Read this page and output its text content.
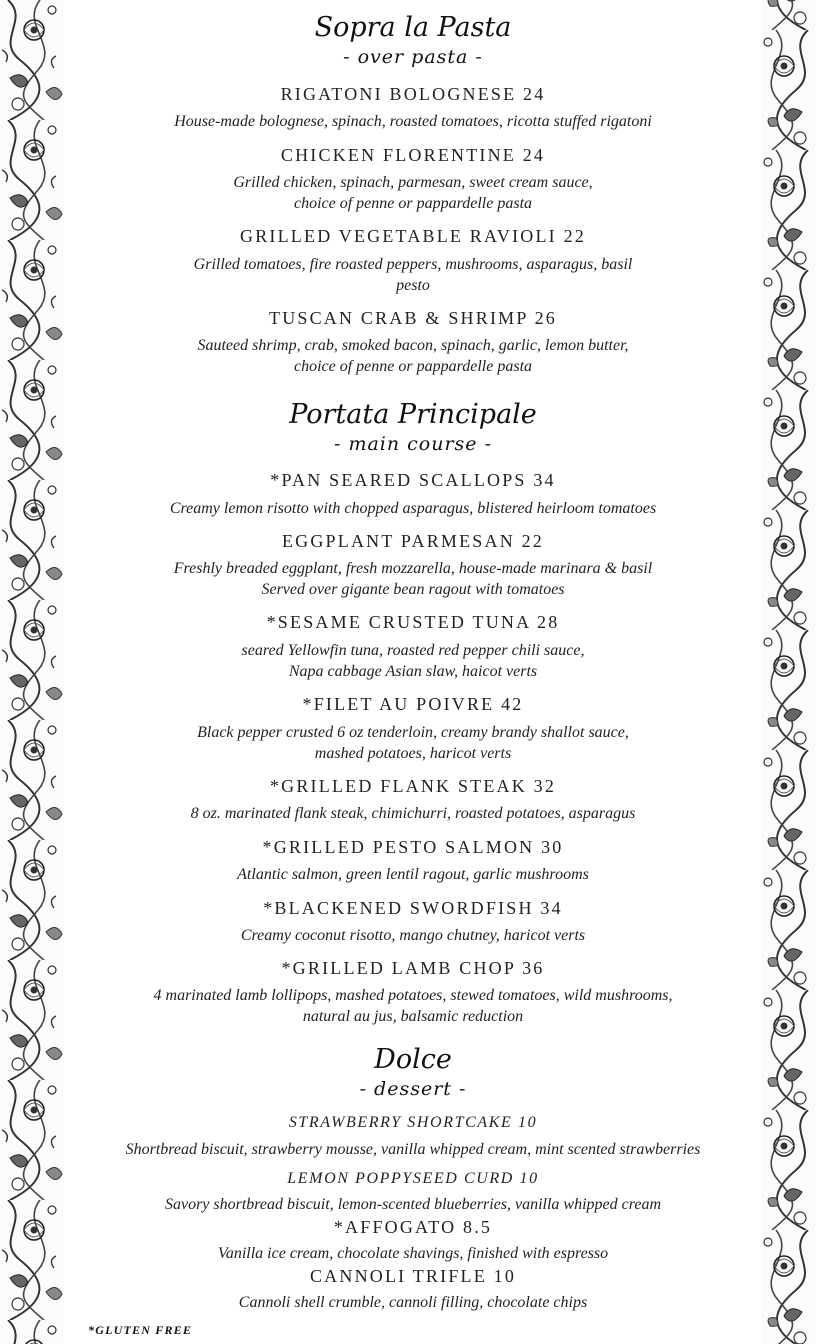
Sopra la Pasta
- over pasta -
RIGATONI BOLOGNESE 24
House-made bolognese, spinach, roasted tomatoes, ricotta stuffed rigatoni
CHICKEN FLORENTINE 24
Grilled chicken, spinach, parmesan, sweet cream sauce,
choice of penne or pappardelle pasta
GRILLED VEGETABLE RAVIOLI 22
Grilled tomatoes, fire roasted peppers, mushrooms, asparagus, basil
pesto
TUSCAN CRAB & SHRIMP 26
Sauteed shrimp, crab, smoked bacon, spinach, garlic, lemon butter,
choice of penne or pappardelle pasta
Portata Principale
- main course -
*PAN SEARED SCALLOPS 34
Creamy lemon risotto with chopped asparagus, blistered heirloom tomatoes
EGGPLANT PARMESAN 22
Freshly breaded eggplant, fresh mozzarella, house-made marinara & basil
Served over gigante bean ragout with tomatoes
*SESAME CRUSTED TUNA 28
seared Yellowfin tuna, roasted red pepper chili sauce,
Napa cabbage Asian slaw, haicot verts
*FILET AU POIVRE 42
Black pepper crusted 6 oz tenderloin, creamy brandy shallot sauce,
mashed potatoes, haricot verts
*GRILLED FLANK STEAK 32
8 oz. marinated flank steak, chimichurri, roasted potatoes, asparagus
*GRILLED PESTO SALMON 30
Atlantic salmon, green lentil ragout, garlic mushrooms
*BLACKENED SWORDFISH 34
Creamy coconut risotto, mango chutney, haricot verts
*GRILLED LAMB CHOP 36
4 marinated lamb lollipops, mashed potatoes, stewed tomatoes, wild mushrooms,
natural au jus, balsamic reduction
Dolce
- dessert -
STRAWBERRY SHORTCAKE 10
Shortbread biscuit, strawberry mousse, vanilla whipped cream, mint scented strawberries
LEMON POPPYSEED CURD 10
Savory shortbread biscuit, lemon-scented blueberries, vanilla whipped cream
*AFFOGATO 8.5
Vanilla ice cream, chocolate shavings, finished with espresso
CANNOLI TRIFLE 10
Cannoli shell crumble, cannoli filling, chocolate chips
*GLUTEN FREE
